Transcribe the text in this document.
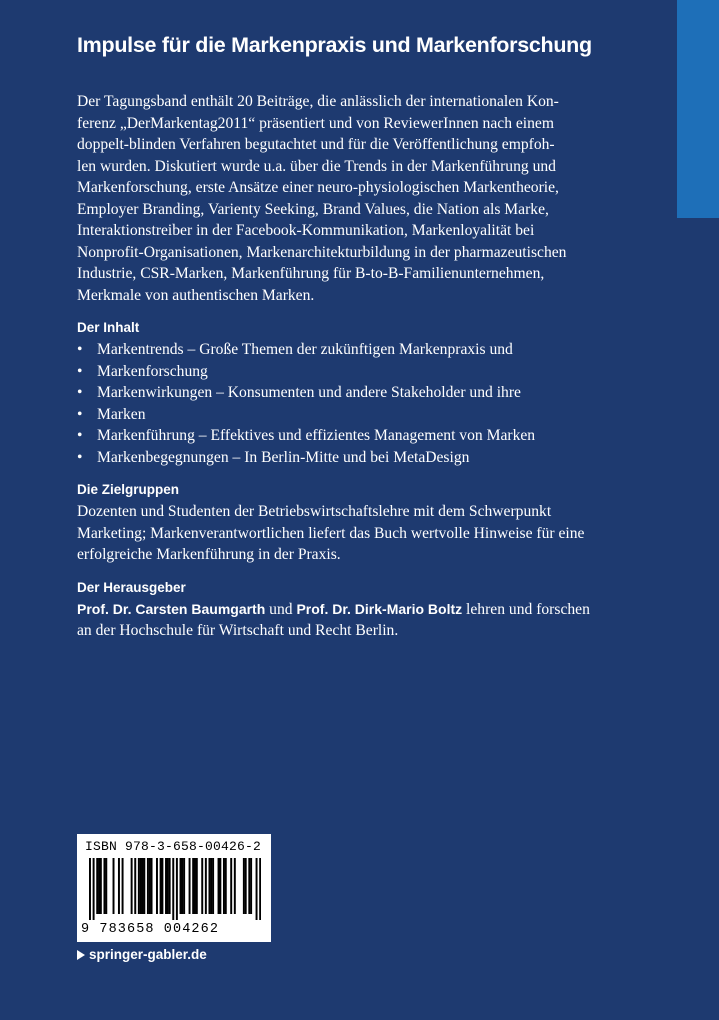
Impulse für die Markenpraxis und Markenforschung
Der Tagungsband enthält 20 Beiträge, die anlässlich der internationalen Kon-
ferenz „DerMarkentag2011“ präsentiert und von ReviewerInnen nach einem
doppelt-blinden Verfahren begutachtet und für die Veröffentlichung empfoh-
len wurden. Diskutiert wurde u.a. über die Trends in der Markenführung und
Markenforschung, erste Ansätze einer neuro-physiologischen Markentheorie,
Employer Branding, Varienty Seeking, Brand Values, die Nation als Marke,
Interaktionstreiber in der Facebook-Kommunikation, Markenloyalität bei
Nonprofit-Organisationen, Markenarchitekturbildung in der pharmazeutischen
Industrie, CSR-Marken, Markenführung für B-to-B-Familienunternehmen,
Merkmale von authentischen Marken.
Der Inhalt
• Markentrends – Große Themen der zukünftigen Markenpraxis und
• Markenforschung
• Markenwirkungen – Konsumenten und andere Stakeholder und ihre
• Marken
• Markenführung – Effektives und effizientes Management von Marken
• Markenbegegnungen – In Berlin-Mitte und bei MetaDesign
Die Zielgruppen
Dozenten und Studenten der Betriebswirtschaftslehre mit dem Schwerpunkt
Marketing; Markenverantwortlichen liefert das Buch wertvolle Hinweise für eine
erfolgreiche Markenführung in der Praxis.
Der Herausgeber
Prof. Dr. Carsten Baumgarth und Prof. Dr. Dirk-Mario Boltz lehren und forschen
an der Hochschule für Wirtschaft und Recht Berlin.
ISBN 978-3-658-00426-2
9 783658 004262
springer-gabler.de
